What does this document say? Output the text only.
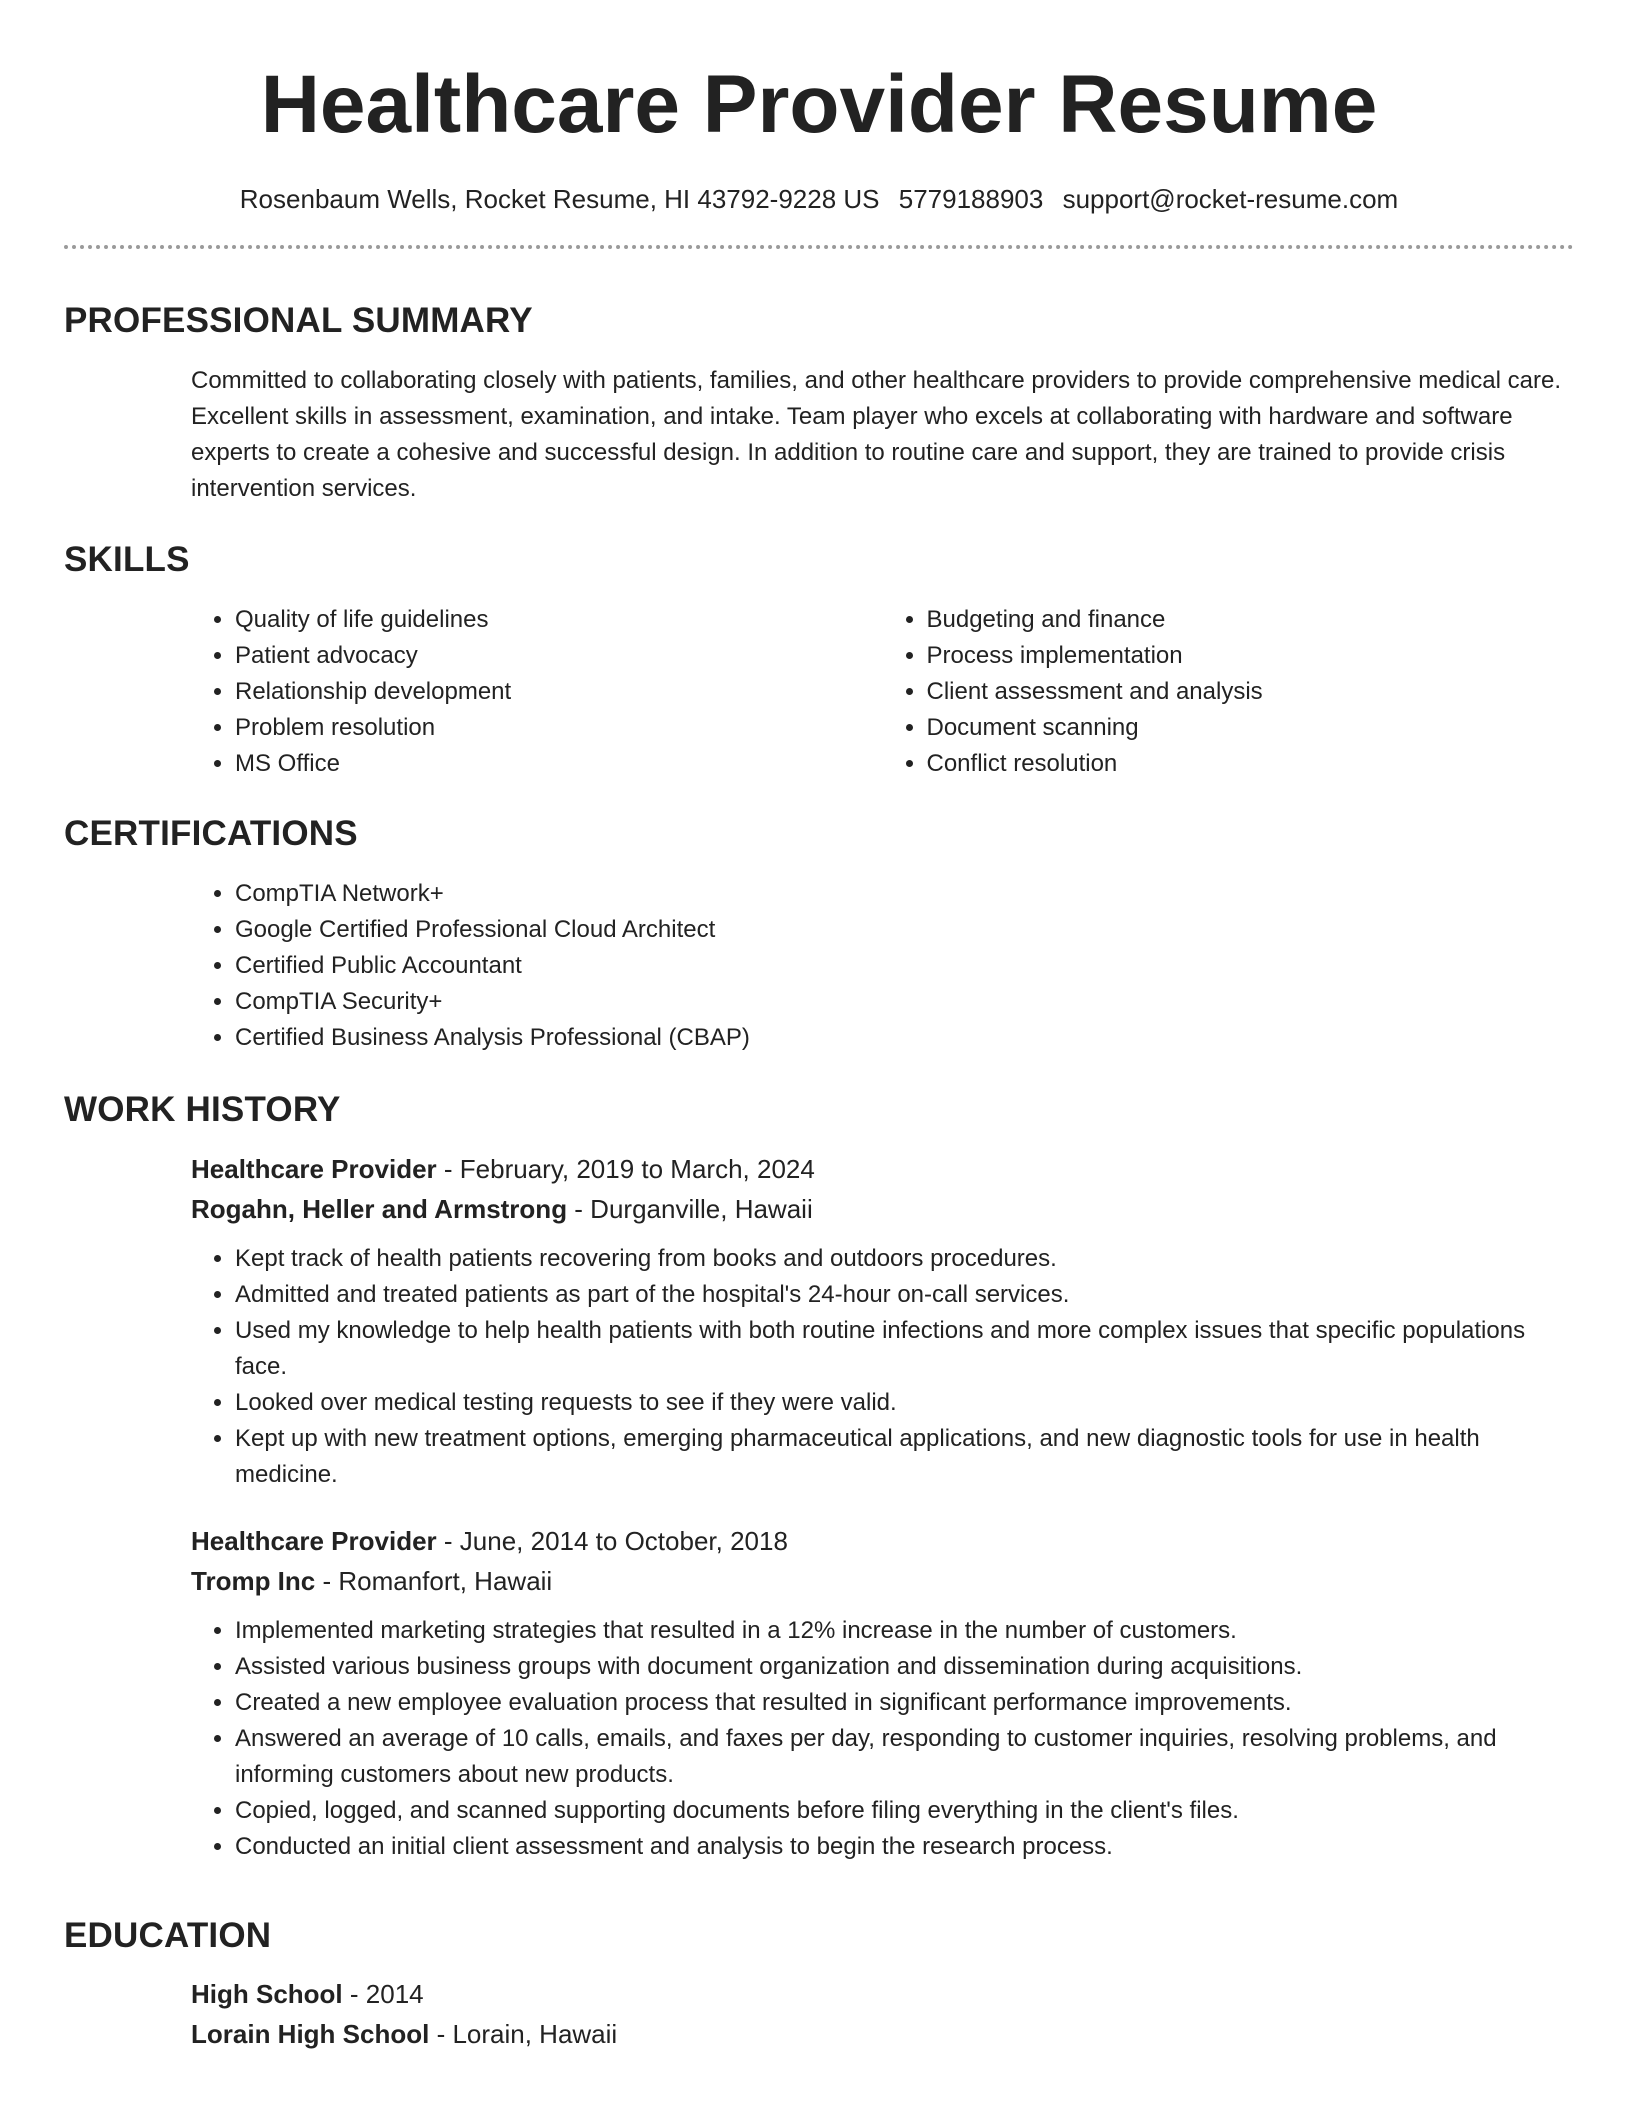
Healthcare Provider Resume
Rosenbaum Wells, Rocket Resume, HI 43792-9228 US 5779188903 support@rocket-resume.com
PROFESSIONAL SUMMARY

Committed to collaborating closely with patients, families, and other healthcare providers to provide comprehensive medical care. Excellent skills in assessment, examination, and intake. Team player who excels at collaborating with hardware and software experts to create a cohesive and successful design. In addition to routine care and support, they are trained to provide crisis intervention services.

SKILLS
• Quality of life guidelines
• Patient advocacy
• Relationship development
• Problem resolution
• MS Office
• Budgeting and finance
• Process implementation
• Client assessment and analysis
• Document scanning
• Conflict resolution
CERTIFICATIONS
• CompTIA Network+
• Google Certified Professional Cloud Architect
• Certified Public Accountant
• CompTIA Security+
• Certified Business Analysis Professional (CBAP)
WORK HISTORY
Healthcare Provider - February, 2019 to March, 2024
Rogahn, Heller and Armstrong - Durganville, Hawaii
• Kept track of health patients recovering from books and outdoors procedures.
• Admitted and treated patients as part of the hospital's 24-hour on-call services.
• Used my knowledge to help health patients with both routine infections and more complex issues that specific populations face.
• Looked over medical testing requests to see if they were valid.
• Kept up with new treatment options, emerging pharmaceutical applications, and new diagnostic tools for use in health medicine.
Healthcare Provider - June, 2014 to October, 2018
Tromp Inc - Romanfort, Hawaii
• Implemented marketing strategies that resulted in a 12% increase in the number of customers.
• Assisted various business groups with document organization and dissemination during acquisitions.
• Created a new employee evaluation process that resulted in significant performance improvements.
• Answered an average of 10 calls, emails, and faxes per day, responding to customer inquiries, resolving problems, and informing customers about new products.
• Copied, logged, and scanned supporting documents before filing everything in the client's files.
• Conducted an initial client assessment and analysis to begin the research process.
EDUCATION
High School - 2014
Lorain High School - Lorain, Hawaii
